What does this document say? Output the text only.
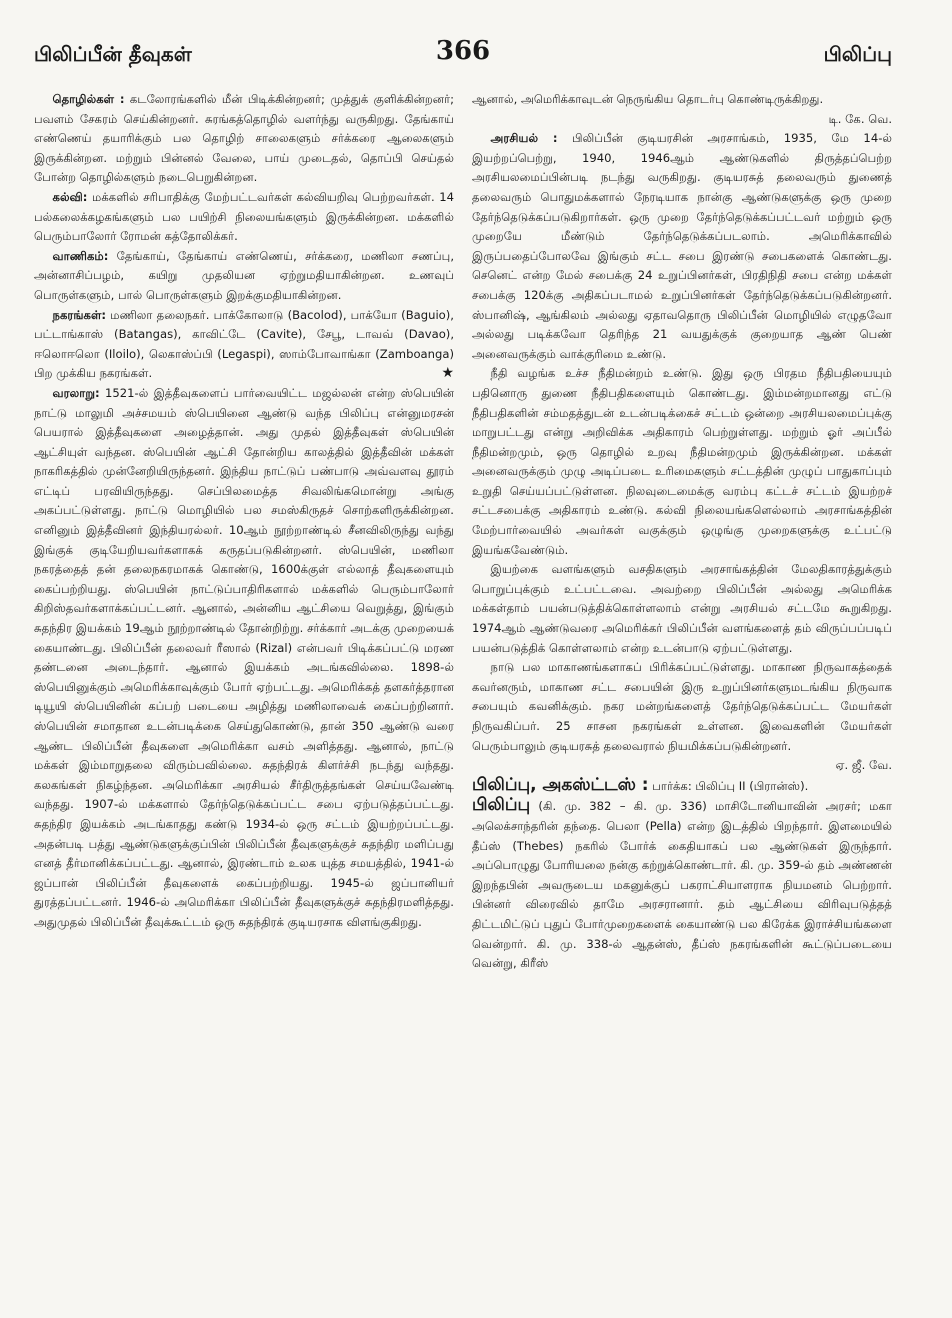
பிலிப்பீன் தீவுகள்	366	பிலிப்பு

தொழில்கள் : கடலோரங்களில் மீன் பிடிக்கின்றனர்; முத்துக் குளிக்கின்றனர்; பவளம் சேகரம் செய்கின்றனர். சுரங்கத்தொழில் வளர்ந்து வருகிறது. தேங்காய் எண்ணெய் தயாரிக்கும் பல தொழிற் சாலைகளும் சர்க்கரை ஆலைகளும் இருக்கின்றன. மற்றும் பின்னல் வேலை, பாய் முடைதல், தொப்பி செய்தல் போன்ற தொழில்களும் நடைபெறுகின்றன.

கல்வி: மக்களில் சரிபாதிக்கு மேற்பட்டவர்கள் கல்வியறிவு பெற்றவர்கள். 14 பல்கலைக்கழகங்களும் பல பயிற்சி நிலையங்களும் இருக்கின்றன. மக்களில் பெரும்பாலோர் ரோமன் கத்தோலிக்கர்.

வாணிகம்: தேங்காய், தேங்காய் எண்ணெய், சர்க்கரை, மணிலா சணப்பு, அன்னாசிப்பழம், கயிறு முதலியன ஏற்றுமதியாகின்றன. உணவுப் பொருள்களும், பால் பொருள்களும் இறக்குமதியாகின்றன.

நகரங்கள்: மணிலா தலைநகர். பாக்கோலாடு (Bacolod), பாக்யோ (Baguio), பட்டாங்காஸ் (Batangas), காவிட்டே (Cavite), சேபூ, டாவவ் (Davao), ஈலொஈலொ (Iloilo), லெகாஸ்ப்பி (Legaspi), ஸாம்போவாங்கா (Zamboanga) பிற முக்கிய நகரங்கள்.	★

வரலாறு: 1521-ல் இத்தீவுகளைப் பார்வையிட்ட மஜல்லன் என்ற ஸ்பெயின் நாட்டு மாலுமி அச்சமயம் ஸ்பெயினை ஆண்டு வந்த பிலிப்பு என்னுமரசன் பெயரால் இத்தீவுகளை அழைத்தான். அது முதல் இத்தீவுகள் ஸ்பெயின் ஆட்சியுள் வந்தன. ஸ்பெயின் ஆட்சி தோன்றிய காலத்தில் இத்தீவின் மக்கள் நாகரிகத்தில் முன்னேறியிருந்தனர். இந்திய நாட்டுப் பண்பாடு அவ்வளவு தூரம் எட்டிப் பரவியிருந்தது. செப்பிலமைத்த சிவலிங்கமொன்று அங்கு அகப்பட்டுள்ளது. நாட்டு மொழியில் பல சமஸ்கிருதச் சொற்களிருக்கின்றன. எனினும் இத்தீவினர் இந்தியரல்லர். 10ஆம் நூற்றாண்டில் சீனவிலிருந்து வந்து இங்குக் குடியேறியவர்களாகக் கருதப்படுகின்றனர். ஸ்பெயின், மணிலா நகரத்தைத் தன் தலைநகரமாகக் கொண்டு, 1600க்குள் எல்லாத் தீவுகளையும் கைப்பற்றியது. ஸ்பெயின் நாட்டுப்பாதிரிகளால் மக்களில் பெரும்பாலோர் கிறிஸ்தவர்களாக்கப்பட்டனர். ஆனால், அன்னிய ஆட்சியை வெறுத்து, இங்கும் சுதந்திர இயக்கம் 19ஆம் நூற்றாண்டில் தோன்றிற்று. சர்க்கார் அடக்கு முறையைக் கையாண்டது. பிலிப்பீன் தலைவர் ரீஸால் (Rizal) என்பவர் பிடிக்கப்பட்டு மரண தண்டனை அடைந்தார். ஆனால் இயக்கம் அடங்கவில்லை. 1898-ல் ஸ்பெயினுக்கும் அமெரிக்காவுக்கும் போர் ஏற்பட்டது. அமெரிக்கத் தளகர்த்தரான டியூயி ஸ்பெயினின் கப்பற் படையை அழித்து மணிலாவைக் கைப்பற்றினார். ஸ்பெயின் சமாதான உடன்படிக்கை செய்துகொண்டு, தான் 350 ஆண்டு வரை ஆண்ட பிலிப்பீன் தீவுகளை அமெரிக்கா வசம் அளித்தது. ஆனால், நாட்டு மக்கள் இம்மாறுதலை விரும்பவில்லை. சுதந்திரக் கிளர்ச்சி நடந்து வந்தது. கலகங்கள் நிகழ்ந்தன. அமெரிக்கா அரசியல் சீர்திருத்தங்கள் செய்யவேண்டி வந்தது. 1907-ல் மக்களால் தேர்ந்தெடுக்கப்பட்ட சபை ஏற்படுத்தப்பட்டது. சுதந்திர இயக்கம் அடங்காதது கண்டு 1934-ல் ஒரு சட்டம் இயற்றப்பட்டது. அதன்படி பத்து ஆண்டுகளுக்குப்பின் பிலிப்பீன் தீவுகளுக்குச் சுதந்திர மளிப்பது எனத் தீர்மானிக்கப்பட்டது. ஆனால், இரண்டாம் உலக யுத்த சமயத்தில், 1941-ல் ஜப்பான் பிலிப்பீன் தீவுகளைக் கைப்பற்றியது. 1945-ல் ஜப்பானியர் துரத்தப்பட்டனர். 1946-ல் அமெரிக்கா பிலிப்பீன் தீவுகளுக்குச் சுதந்திரமளித்தது. அதுமுதல் பிலிப்பீன் தீவுக்கூட்டம் ஒரு சுதந்திரக் குடியரசாக விளங்குகிறது.

ஆனால், அமெரிக்காவுடன் நெருங்கிய தொடர்பு கொண்டிருக்கிறது.
டி. கே. வெ.

அரசியல் : பிலிப்பீன் குடியரசின் அரசாங்கம், 1935, மே 14-ல் இயற்றப்பெற்று, 1940, 1946ஆம் ஆண்டுகளில் திருத்தப்பெற்ற அரசியலமைப்பின்படி நடந்து வருகிறது. குடியரசுத் தலைவரும் துணைத் தலைவரும் பொதுமக்களால் நேரடியாக நான்கு ஆண்டுகளுக்கு ஒரு முறை தேர்ந்தெடுக்கப்படுகிறார்கள். ஒரு முறை தேர்ந்தெடுக்கப்பட்டவர் மற்றும் ஒரு முறையே மீண்டும் தேர்ந்தெடுக்கப்படலாம். அமெரிக்காவில் இருப்பதைப்போலவே இங்கும் சட்ட சபை இரண்டு சபைகளைக் கொண்டது. செனெட் என்ற மேல் சபைக்கு 24 உறுப்பினர்கள், பிரதிநிதி சபை என்ற மக்கள் சபைக்கு 120க்கு அதிகப்படாமல் உறுப்பினர்கள் தேர்ந்தெடுக்கப்படுகின்றனர். ஸ்பானிஷ், ஆங்கிலம் அல்லது ஏதாவதொரு பிலிப்பீன் மொழியில் எழுதவோ அல்லது படிக்கவோ தெரிந்த 21 வயதுக்குக் குறையாத ஆண் பெண் அனைவருக்கும் வாக்குரிமை உண்டு.

நீதி வழங்க உச்ச நீதிமன்றம் உண்டு. இது ஒரு பிரதம நீதிபதியையும் பதினொரு துணை நீதிபதிகளையும் கொண்டது. இம்மன்றமானது எட்டு நீதிபதிகளின் சம்மதத்துடன் உடன்படிக்கைச் சட்டம் ஒன்றை அரசியலமைப்புக்கு மாறுபட்டது என்று அறிவிக்க அதிகாரம் பெற்றுள்ளது. மற்றும் ஓர் அப்பீல் நீதிமன்றமும், ஒரு தொழில் உறவு நீதிமன்றமும் இருக்கின்றன. மக்கள் அனைவருக்கும் முழு அடிப்படை உரிமைகளும் சட்டத்தின் முழுப் பாதுகாப்பும் உறுதி செய்யப்பட்டுள்ளன. நிலவுடைமைக்கு வரம்பு கட்டச் சட்டம் இயற்றச் சட்டசபைக்கு அதிகாரம் உண்டு. கல்வி நிலையங்களெல்லாம் அரசாங்கத்தின் மேற்பார்வையில் அவர்கள் வகுக்கும் ஒழுங்கு முறைகளுக்கு உட்பட்டு இயங்கவேண்டும்.

இயற்கை வளங்களும் வசதிகளும் அரசாங்கத்தின் மேலதிகாரத்துக்கும் பொறுப்புக்கும் உட்பட்டவை. அவற்றை பிலிப்பீன் அல்லது அமெரிக்க மக்கள்தாம் பயன்படுத்திக்கொள்ளலாம் என்று அரசியல் சட்டமே கூறுகிறது. 1974ஆம் ஆண்டுவரை அமெரிக்கர் பிலிப்பீன் வளங்களைத் தம் விருப்பப்படிப் பயன்படுத்திக் கொள்ளலாம் என்ற உடன்பாடு ஏற்பட்டுள்ளது.

நாடு பல மாகாணங்களாகப் பிரிக்கப்பட்டுள்ளது. மாகாண நிருவாகத்தைக் கவர்னரும், மாகாண சட்ட சபையின் இரு உறுப்பினர்களுமடங்கிய நிருவாக சபையும் கவனிக்கும். நகர மன்றங்களைத் தேர்ந்தெடுக்கப்பட்ட மேயர்கள் நிருவகிப்பர். 25 சாசன நகரங்கள் உள்ளன. இவைகளின் மேயர்கள் பெரும்பாலும் குடியரசுத் தலைவரால் நியமிக்கப்படுகின்றனர்.
ஏ. ஜீ. வே.

பிலிப்பு, அகஸ்ட்டஸ் : பார்க்க: பிலிப்பு II (பிரான்ஸ்).

பிலிப்பு (கி. மு. 382 – கி. மு. 336) மாசிடோனியாவின் அரசர்; மகா அலெக்சாந்தரின் தந்தை. பெலா (Pella) என்ற இடத்தில் பிறந்தார். இளமையில் தீப்ஸ் (Thebes) நகரில் போர்க் கைதியாகப் பல ஆண்டுகள் இருந்தார். அப்பொழுது போரியலை நன்கு கற்றுக்கொண்டார். கி. மு. 359-ல் தம் அண்ணன் இறந்தபின் அவருடைய மகனுக்குப் பகராட்சியாளராக நியமனம் பெற்றார். பின்னர் விரைவில் தாமே அரசரானார். தம் ஆட்சியை விரிவுபடுத்தத் திட்டமிட்டுப் புதுப் போர்முறைகளைக் கையாண்டு பல கிரேக்க இராச்சியங்களை வென்றார். கி. மு. 338-ல் ஆதன்ஸ், தீப்ஸ் நகரங்களின் கூட்டுப்படையை வென்று, கிரீஸ்
